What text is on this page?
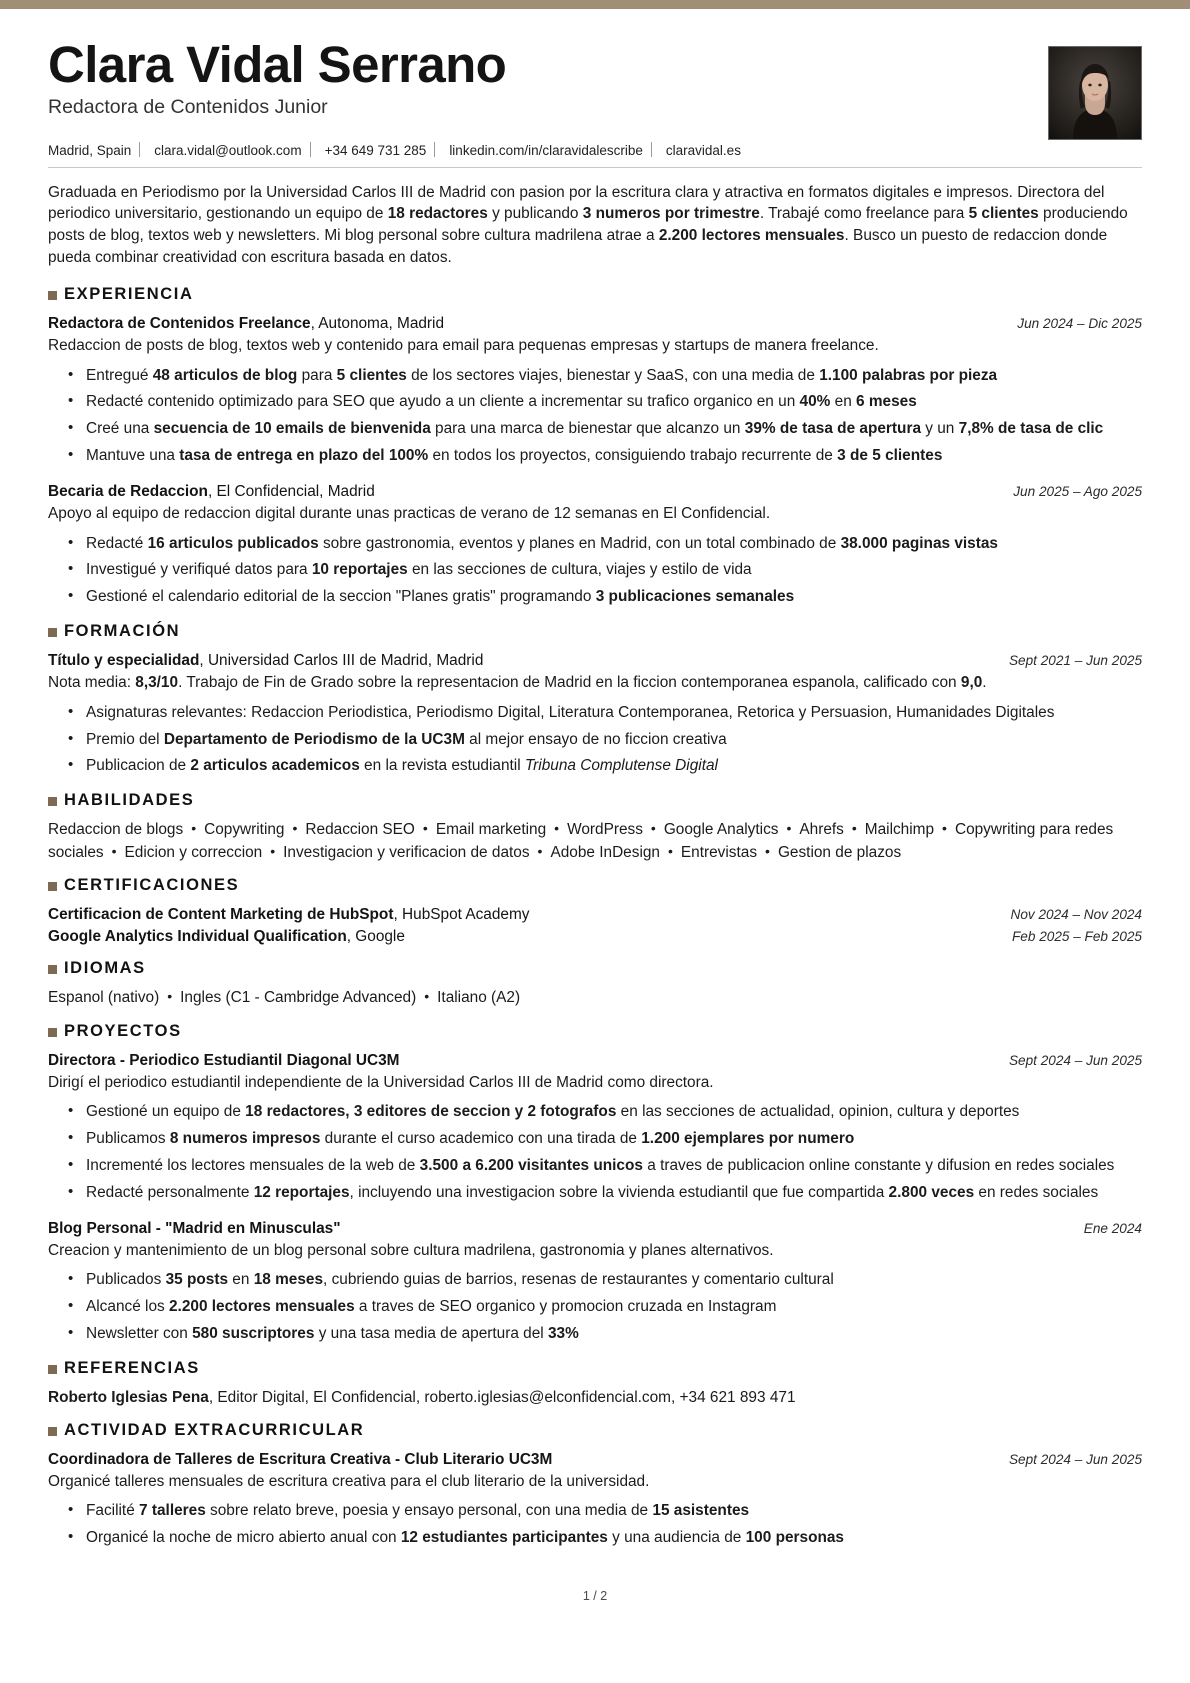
Clara Vidal Serrano
Redactora de Contenidos Junior
Madrid, Spain clara.vidal@outlook.com +34 649 731 285 linkedin.com/in/claravidalescribe claravidal.es
Graduada en Periodismo por la Universidad Carlos III de Madrid con pasion por la escritura clara y atractiva en formatos digitales e impresos. Directora del periodico universitario, gestionando un equipo de 18 redactores y publicando 3 numeros por trimestre. Trabajé como freelance para 5 clientes produciendo posts de blog, textos web y newsletters. Mi blog personal sobre cultura madrilena atrae a 2.200 lectores mensuales. Busco un puesto de redaccion donde pueda combinar creatividad con escritura basada en datos.
EXPERIENCIA
Redactora de Contenidos Freelance, Autonoma, Madrid	Jun 2024 – Dic 2025
Redaccion de posts de blog, textos web y contenido para email para pequenas empresas y startups de manera freelance.
• Entregué 48 articulos de blog para 5 clientes de los sectores viajes, bienestar y SaaS, con una media de 1.100 palabras por pieza
• Redacté contenido optimizado para SEO que ayudo a un cliente a incrementar su trafico organico en un 40% en 6 meses
• Creé una secuencia de 10 emails de bienvenida para una marca de bienestar que alcanzo un 39% de tasa de apertura y un 7,8% de tasa de clic
• Mantuve una tasa de entrega en plazo del 100% en todos los proyectos, consiguiendo trabajo recurrente de 3 de 5 clientes
Becaria de Redaccion, El Confidencial, Madrid	Jun 2025 – Ago 2025
Apoyo al equipo de redaccion digital durante unas practicas de verano de 12 semanas en El Confidencial.
• Redacté 16 articulos publicados sobre gastronomia, eventos y planes en Madrid, con un total combinado de 38.000 paginas vistas
• Investigué y verifiqué datos para 10 reportajes en las secciones de cultura, viajes y estilo de vida
• Gestioné el calendario editorial de la seccion "Planes gratis" programando 3 publicaciones semanales
FORMACIÓN
Título y especialidad, Universidad Carlos III de Madrid, Madrid	Sept 2021 – Jun 2025
Nota media: 8,3/10. Trabajo de Fin de Grado sobre la representacion de Madrid en la ficcion contemporanea espanola, calificado con 9,0.
• Asignaturas relevantes: Redaccion Periodistica, Periodismo Digital, Literatura Contemporanea, Retorica y Persuasion, Humanidades Digitales
• Premio del Departamento de Periodismo de la UC3M al mejor ensayo de no ficcion creativa
• Publicacion de 2 articulos academicos en la revista estudiantil Tribuna Complutense Digital
HABILIDADES
Redaccion de blogs • Copywriting • Redaccion SEO • Email marketing • WordPress • Google Analytics • Ahrefs • Mailchimp • Copywriting para redes sociales • Edicion y correccion • Investigacion y verificacion de datos • Adobe InDesign • Entrevistas • Gestion de plazos
CERTIFICACIONES
Certificacion de Content Marketing de HubSpot, HubSpot Academy	Nov 2024 – Nov 2024
Google Analytics Individual Qualification, Google	Feb 2025 – Feb 2025
IDIOMAS
Espanol (nativo) • Ingles (C1 - Cambridge Advanced) • Italiano (A2)
PROYECTOS
Directora - Periodico Estudiantil Diagonal UC3M	Sept 2024 – Jun 2025
Dirigí el periodico estudiantil independiente de la Universidad Carlos III de Madrid como directora.
• Gestioné un equipo de 18 redactores, 3 editores de seccion y 2 fotografos en las secciones de actualidad, opinion, cultura y deportes
• Publicamos 8 numeros impresos durante el curso academico con una tirada de 1.200 ejemplares por numero
• Incrementé los lectores mensuales de la web de 3.500 a 6.200 visitantes unicos a traves de publicacion online constante y difusion en redes sociales
• Redacté personalmente 12 reportajes, incluyendo una investigacion sobre la vivienda estudiantil que fue compartida 2.800 veces en redes sociales
Blog Personal - "Madrid en Minusculas"	Ene 2024
Creacion y mantenimiento de un blog personal sobre cultura madrilena, gastronomia y planes alternativos.
• Publicados 35 posts en 18 meses, cubriendo guias de barrios, resenas de restaurantes y comentario cultural
• Alcancé los 2.200 lectores mensuales a traves de SEO organico y promocion cruzada en Instagram
• Newsletter con 580 suscriptores y una tasa media de apertura del 33%
REFERENCIAS
Roberto Iglesias Pena, Editor Digital, El Confidencial, roberto.iglesias@elconfidencial.com, +34 621 893 471
ACTIVIDAD EXTRACURRICULAR
Coordinadora de Talleres de Escritura Creativa - Club Literario UC3M	Sept 2024 – Jun 2025
Organicé talleres mensuales de escritura creativa para el club literario de la universidad.
• Facilité 7 talleres sobre relato breve, poesia y ensayo personal, con una media de 15 asistentes
• Organicé la noche de micro abierto anual con 12 estudiantes participantes y una audiencia de 100 personas
1 / 2
